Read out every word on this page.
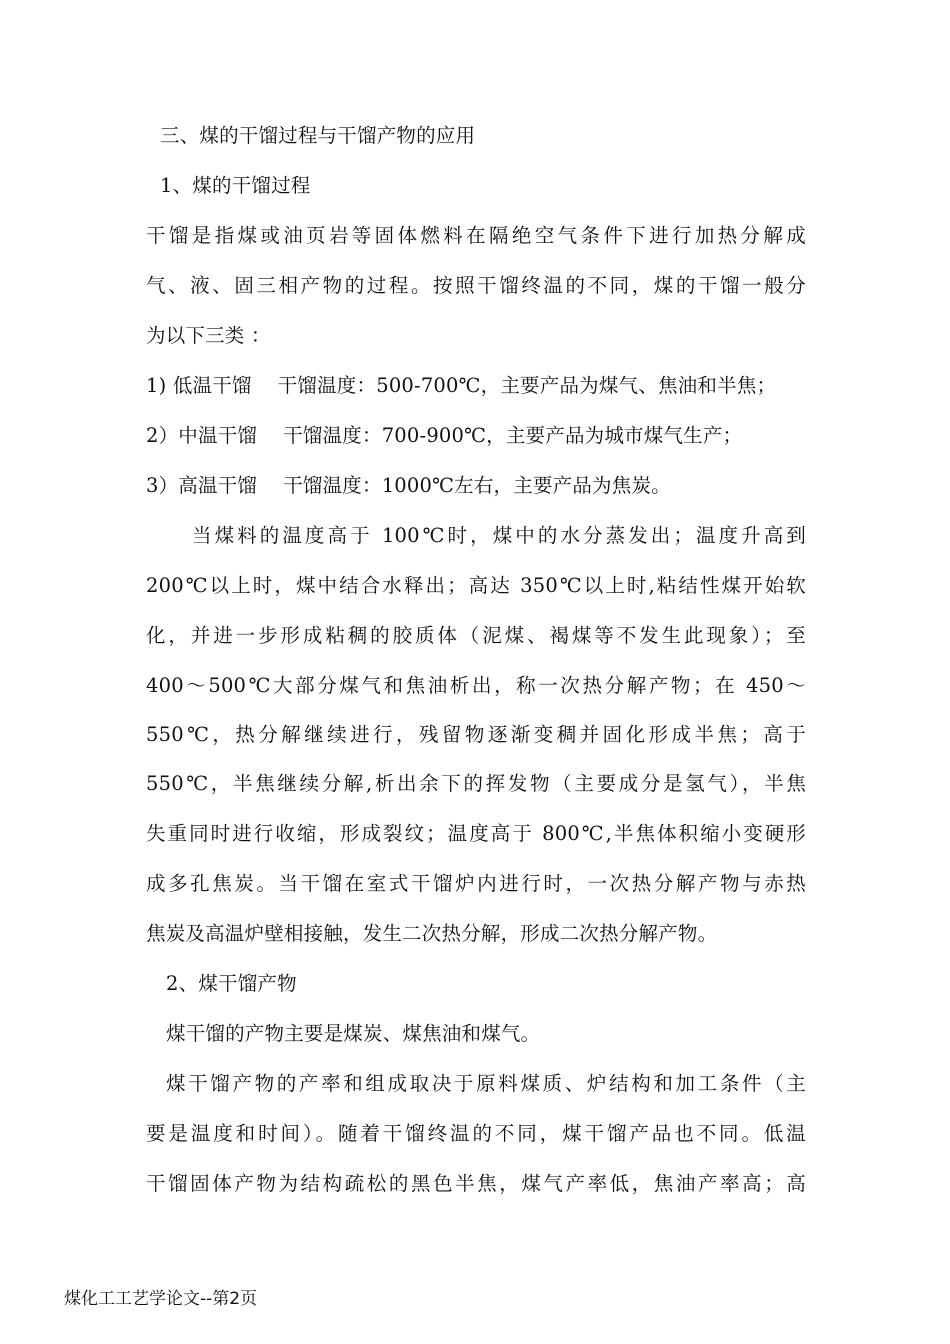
三、煤的干馏过程与干馏产物的应用
1、煤的干馏过程
干馏是指煤或油页岩等固体燃料在隔绝空气条件下进行加热分解成
气、液、固三相产物的过程。按照干馏终温的不同，煤的干馏一般分
为以下三类 ：
1) 低温干馏　 干馏温度：500-700℃，主要产品为煤气、焦油和半焦；
2）中温干馏　 干馏温度：700-900℃，主要产品为城市煤气生产；
3）高温干馏　 干馏温度：1000℃左右，主要产品为焦炭。
当煤料的温度高于 100℃时，煤中的水分蒸发出；温度升高到
200℃以上时，煤中结合水释出；高达 350℃以上时,粘结性煤开始软
化，并进一步形成粘稠的胶质体（泥煤、褐煤等不发生此现象）；至
400～500℃大部分煤气和焦油析出，称一次热分解产物；在 450～
550℃，热分解继续进行，残留物逐渐变稠并固化形成半焦；高于
550℃，半焦继续分解,析出余下的挥发物（主要成分是氢气），半焦
失重同时进行收缩，形成裂纹；温度高于 800℃,半焦体积缩小变硬形
成多孔焦炭。当干馏在室式干馏炉内进行时，一次热分解产物与赤热
焦炭及高温炉壁相接触，发生二次热分解，形成二次热分解产物。
2、煤干馏产物
煤干馏的产物主要是煤炭、煤焦油和煤气。
煤干馏产物的产率和组成取决于原料煤质、炉结构和加工条件（主
要是温度和时间）。随着干馏终温的不同，煤干馏产品也不同。低温
干馏固体产物为结构疏松的黑色半焦，煤气产率低，焦油产率高；高
煤化工工艺学论文--第2页
